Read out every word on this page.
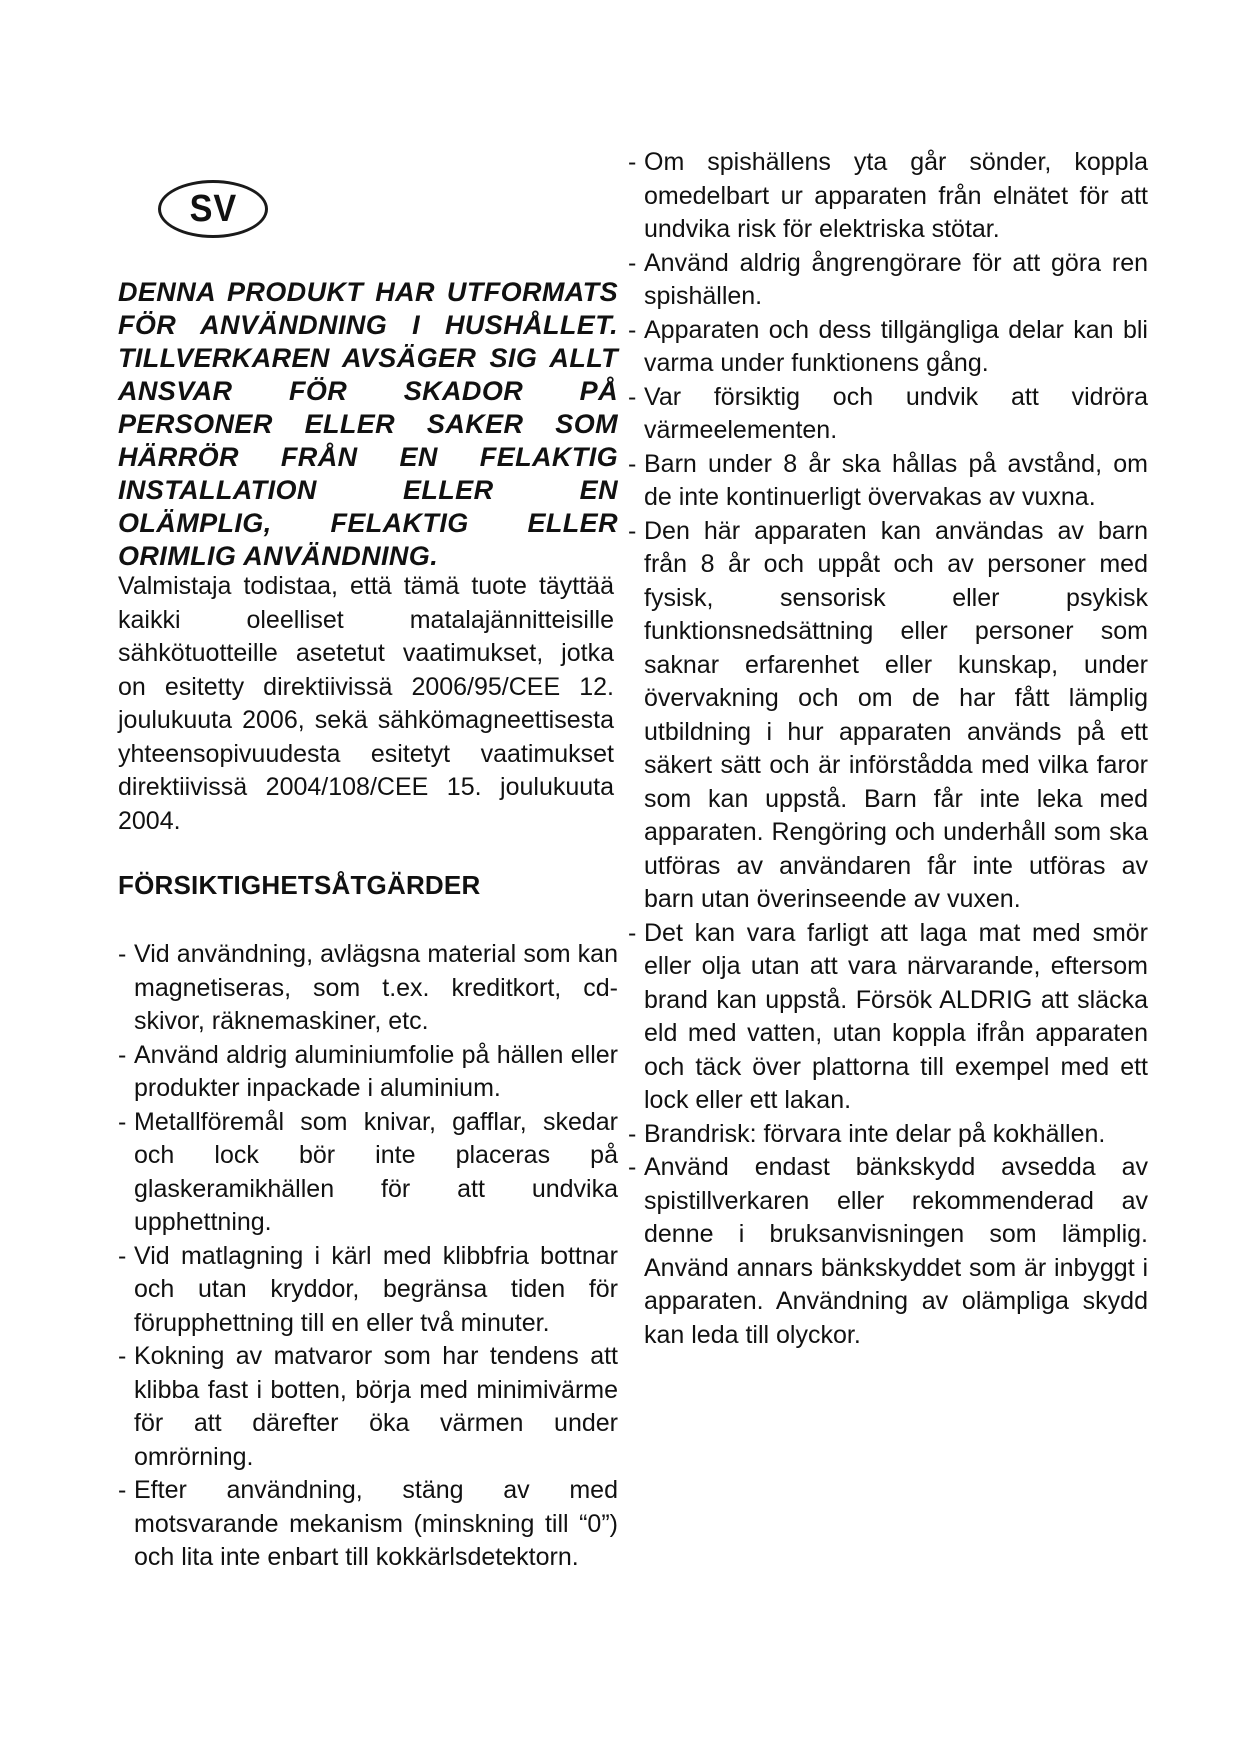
SV
DENNA PRODUKT HAR UTFORMATS FÖR ANVÄNDNING I HUSHÅLLET. TILLVERKAREN AVSÄGER SIG ALLT ANSVAR FÖR SKADOR PÅ PERSONER ELLER SAKER SOM HÄRRÖR FRÅN EN FELAKTIG INSTALLATION ELLER EN OLÄMPLIG, FELAKTIG ELLER ORIMLIG ANVÄNDNING.
Valmistaja todistaa, että tämä tuote täyttää kaikki oleelliset matalajännitteisille sähkötuotteille asetetut vaatimukset, jotka on esitetty direktiivissä 2006/95/CEE 12. joulukuuta 2006, sekä sähkömagneettisesta yhteensopivuudesta esitetyt vaatimukset direktiivissä 2004/108/CEE 15. joulukuuta 2004.
FÖRSIKTIGHETSÅTGÄRDER
- Vid användning, avlägsna material som kan magnetiseras, som t.ex. kreditkort, cd-skivor, räknemaskiner, etc.
- Använd aldrig aluminiumfolie på hällen eller produkter inpackade i aluminium.
- Metallföremål som knivar, gafflar, skedar och lock bör inte placeras på glaskeramikhällen för att undvika upphettning.
- Vid matlagning i kärl med klibbfria bottnar och utan kryddor, begränsa tiden för förupphettning till en eller två minuter.
- Kokning av matvaror som har tendens att klibba fast i botten, börja med minimivärme för att därefter öka värmen under omrörning.
- Efter användning, stäng av med motsvarande mekanism (minskning till “0”) och lita inte enbart till kokkärlsdetektorn.
- Om spishällens yta går sönder, koppla omedelbart ur apparaten från elnätet för att undvika risk för elektriska stötar.
- Använd aldrig ångrengörare för att göra ren spishällen.
- Apparaten och dess tillgängliga delar kan bli varma under funktionens gång.
- Var försiktig och undvik att vidröra värmeelementen.
- Barn under 8 år ska hållas på avstånd, om de inte kontinuerligt övervakas av vuxna.
- Den här apparaten kan användas av barn från 8 år och uppåt och av personer med fysisk, sensorisk eller psykisk funktionsnedsättning eller personer som saknar erfarenhet eller kunskap, under övervakning och om de har fått lämplig utbildning i hur apparaten används på ett säkert sätt och är införstådda med vilka faror som kan uppstå. Barn får inte leka med apparaten. Rengöring och underhåll som ska utföras av användaren får inte utföras av barn utan överinseende av vuxen.
- Det kan vara farligt att laga mat med smör eller olja utan att vara närvarande, eftersom brand kan uppstå. Försök ALDRIG att släcka eld med vatten, utan koppla ifrån apparaten och täck över plattorna till exempel med ett lock eller ett lakan.
- Brandrisk: förvara inte delar på kokhällen.
- Använd endast bänkskydd avsedda av spistillverkaren eller rekommenderad av denne i bruksanvisningen som lämplig. Använd annars bänkskyddet som är inbyggt i apparaten. Användning av olämpliga skydd kan leda till olyckor.
